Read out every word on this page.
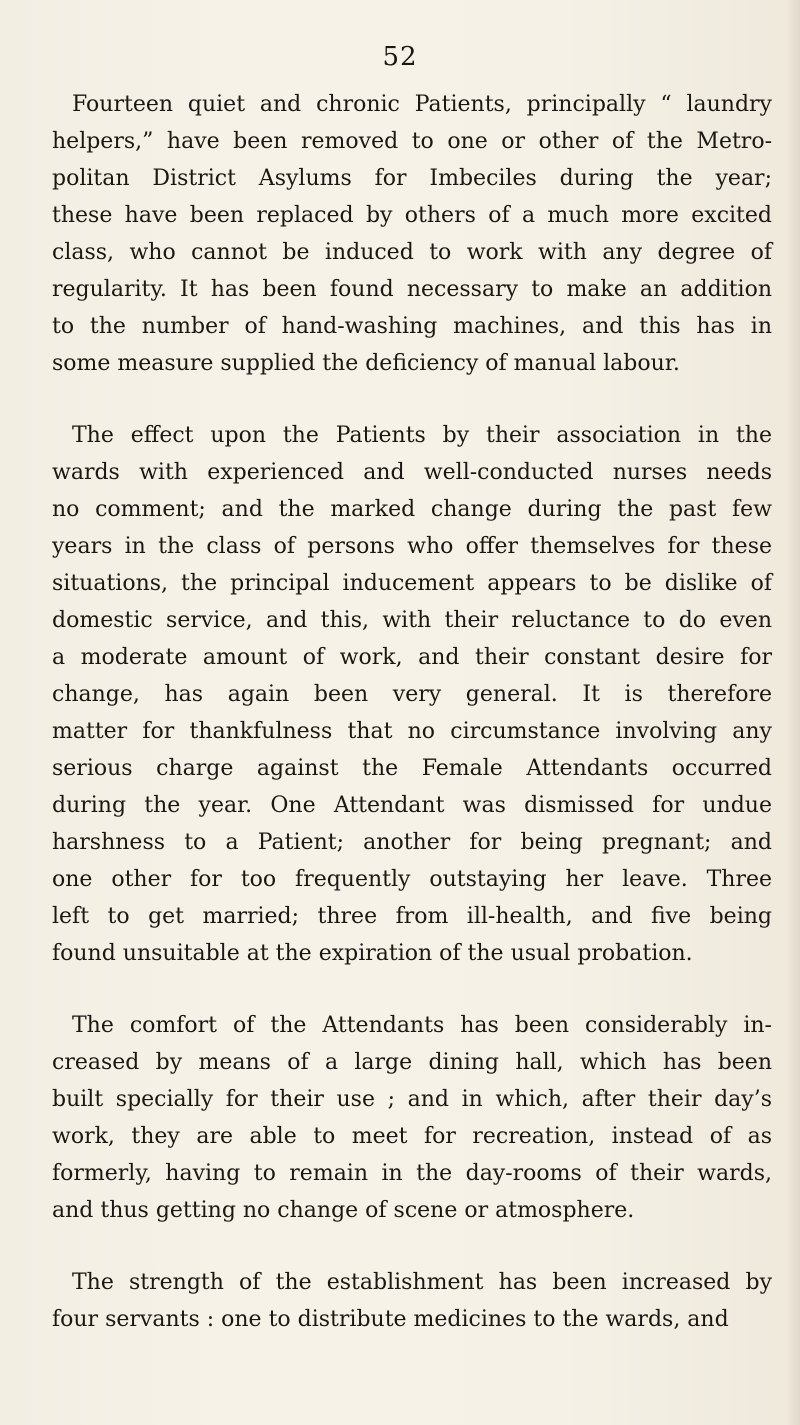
52
Fourteen quiet and chronic Patients, principally “ laundry
helpers,” have been removed to one or other of the Metro-
politan District Asylums for Imbeciles during the year;
these have been replaced by others of a much more excited
class, who cannot be induced to work with any degree of
regularity. It has been found necessary to make an addition
to the number of hand-washing machines, and this has in
some measure supplied the deficiency of manual labour.
The effect upon the Patients by their association in the
wards with experienced and well-conducted nurses needs
no comment; and the marked change during the past few
years in the class of persons who offer themselves for these
situations, the principal inducement appears to be dislike of
domestic service, and this, with their reluctance to do even
a moderate amount of work, and their constant desire for
change, has again been very general. It is therefore
matter for thankfulness that no circumstance involving any
serious charge against the Female Attendants occurred
during the year. One Attendant was dismissed for undue
harshness to a Patient; another for being pregnant; and
one other for too frequently outstaying her leave. Three
left to get married; three from ill-health, and five being
found unsuitable at the expiration of the usual probation.
The comfort of the Attendants has been considerably in-
creased by means of a large dining hall, which has been
built specially for their use ; and in which, after their day’s
work, they are able to meet for recreation, instead of as
formerly, having to remain in the day-rooms of their wards,
and thus getting no change of scene or atmosphere.
The strength of the establishment has been increased by
four servants : one to distribute medicines to the wards, and
